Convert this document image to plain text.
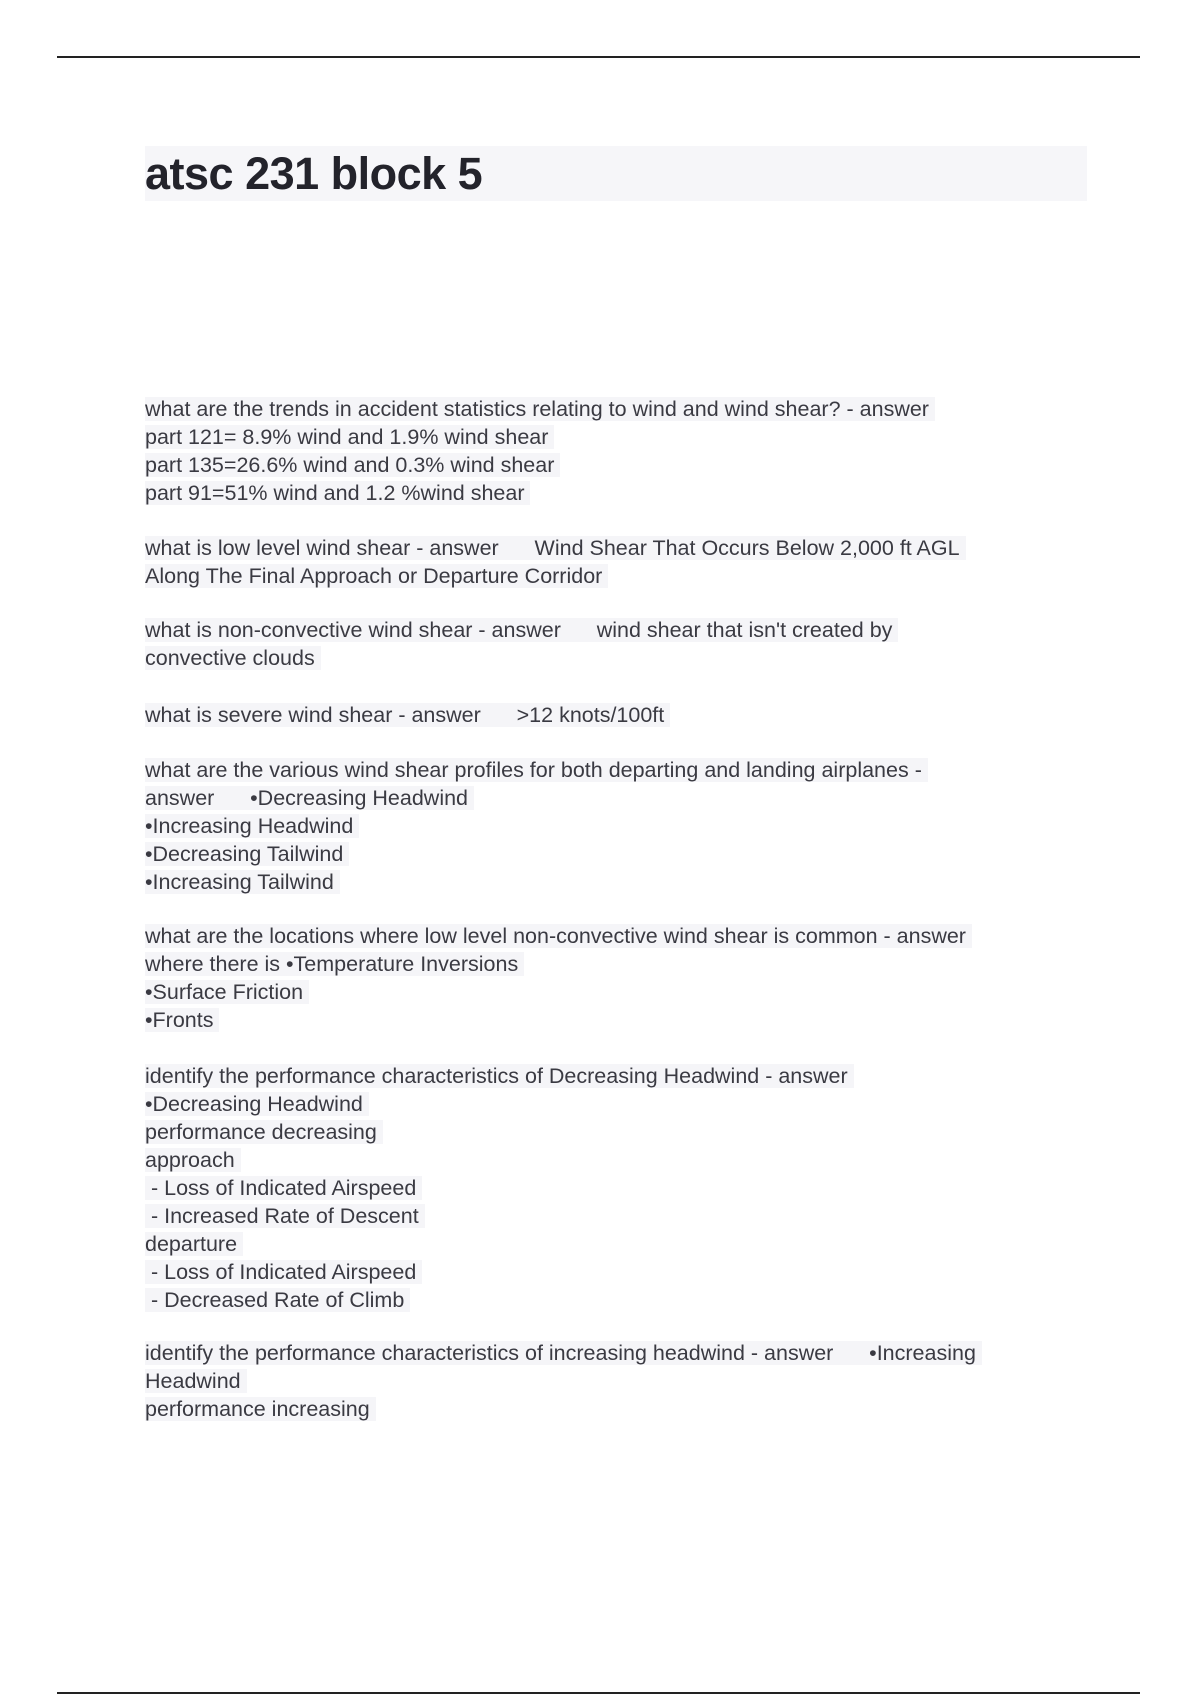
atsc 231 block 5
what are the trends in accident statistics relating to wind and wind shear? - answer
part 121= 8.9% wind and 1.9% wind shear
part 135=26.6% wind and 0.3% wind shear
part 91=51% wind and 1.2 %wind shear
what is low level wind shear - answer      Wind Shear That Occurs Below 2,000 ft AGL
Along The Final Approach or Departure Corridor
what is non-convective wind shear - answer      wind shear that isn't created by
convective clouds
what is severe wind shear - answer      >12 knots/100ft
what are the various wind shear profiles for both departing and landing airplanes -
answer      •Decreasing Headwind
•Increasing Headwind
•Decreasing Tailwind
•Increasing Tailwind
what are the locations where low level non-convective wind shear is common - answer
where there is •Temperature Inversions
•Surface Friction
•Fronts
identify the performance characteristics of Decreasing Headwind - answer
•Decreasing Headwind
performance decreasing
approach
- Loss of Indicated Airspeed
- Increased Rate of Descent
departure
- Loss of Indicated Airspeed
- Decreased Rate of Climb
identify the performance characteristics of increasing headwind - answer      •Increasing
Headwind
performance increasing
